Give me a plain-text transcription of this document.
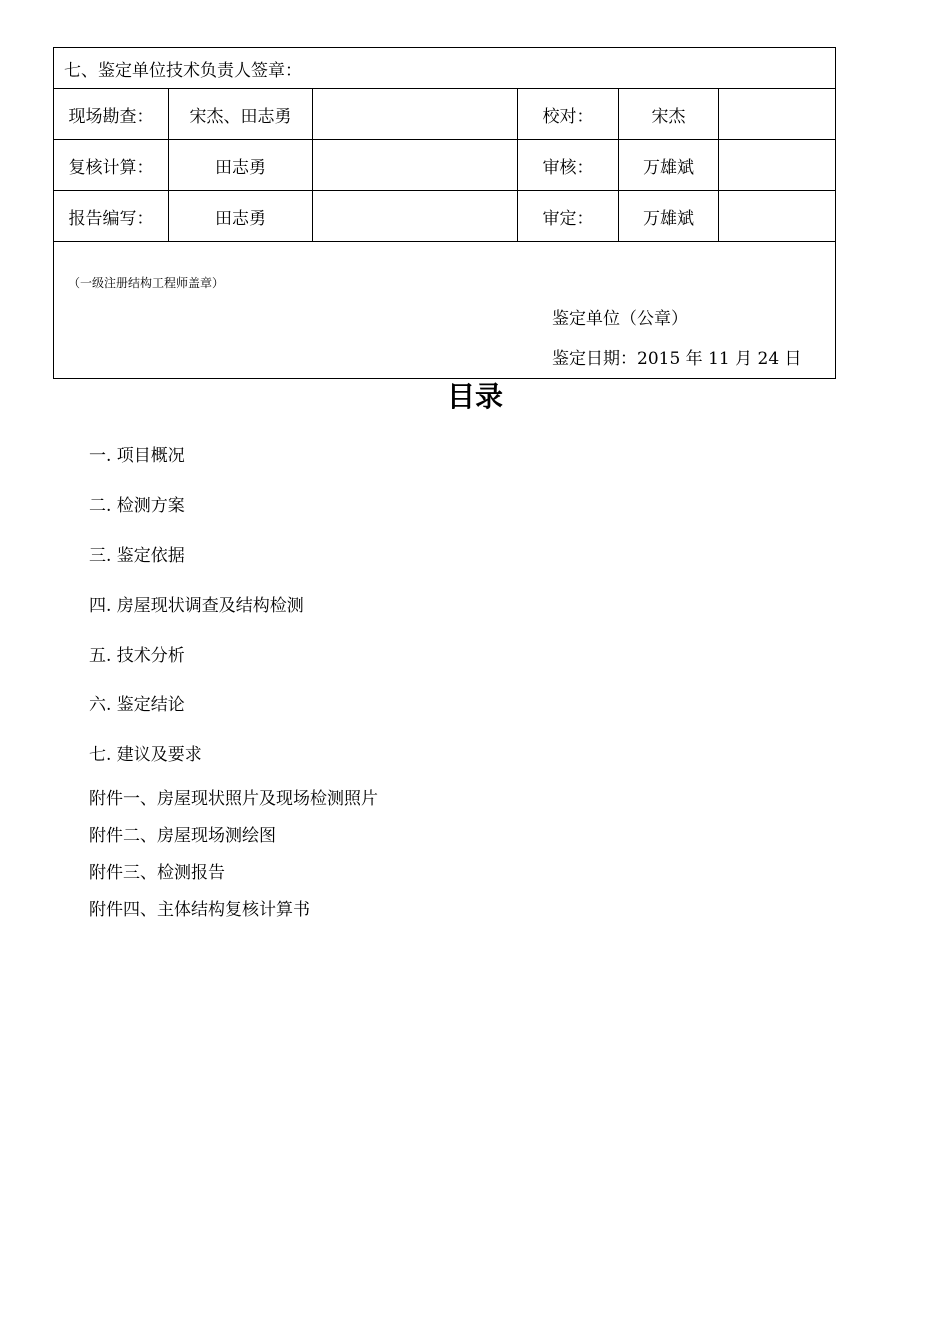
七、鉴定单位技术负责人签章：					
现场勘查：	宋杰、田志勇		校对：	宋杰	
复核计算：	田志勇		审核：	万雄斌	
报告编写：	田志勇		审定：	万雄斌	

（一级注册结构工程师盖章）
鉴定单位（公章）
鉴定日期：2015 年 11 月 24 日					
目录
一. 项目概况
二. 检测方案
三. 鉴定依据
四. 房屋现状调查及结构检测
五. 技术分析
六. 鉴定结论
七. 建议及要求
附件一、房屋现状照片及现场检测照片
附件二、房屋现场测绘图
附件三、检测报告
附件四、主体结构复核计算书
